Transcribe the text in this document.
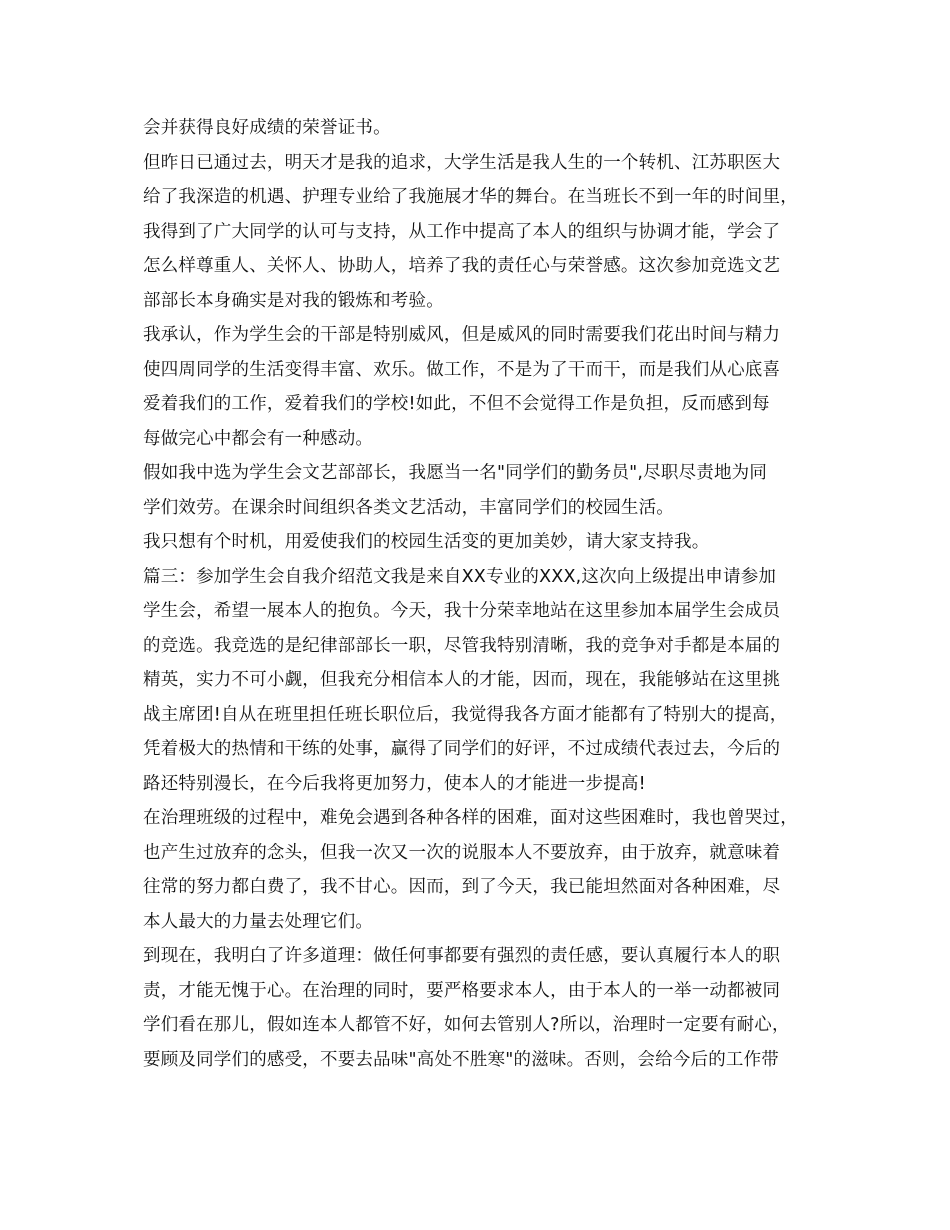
会并获得良好成绩的荣誉证书。
但昨日已通过去，明天才是我的追求，大学生活是我人生的一个转机、江苏职医大
给了我深造的机遇、护理专业给了我施展才华的舞台。在当班长不到一年的时间里，
我得到了广大同学的认可与支持，从工作中提高了本人的组织与协调才能，学会了
怎么样尊重人、关怀人、协助人，培养了我的责任心与荣誉感。这次参加竞选文艺
部部长本身确实是对我的锻炼和考验。
我承认，作为学生会的干部是特别威风，但是威风的同时需要我们花出时间与精力
使四周同学的生活变得丰富、欢乐。做工作，不是为了干而干，而是我们从心底喜
爱着我们的工作，爱着我们的学校!如此，不但不会觉得工作是负担，反而感到每
每做完心中都会有一种感动。
假如我中选为学生会文艺部部长，我愿当一名"同学们的勤务员",尽职尽责地为同
学们效劳。在课余时间组织各类文艺活动，丰富同学们的校园生活。
我只想有个时机，用爱使我们的校园生活变的更加美妙，请大家支持我。
篇三：参加学生会自我介绍范文我是来自XX专业的XXX,这次向上级提出申请参加
学生会，希望一展本人的抱负。今天，我十分荣幸地站在这里参加本届学生会成员
的竞选。我竞选的是纪律部部长一职，尽管我特别清晰，我的竞争对手都是本届的
精英，实力不可小觑，但我充分相信本人的才能，因而，现在，我能够站在这里挑
战主席团!自从在班里担任班长职位后，我觉得我各方面才能都有了特别大的提高，
凭着极大的热情和干练的处事，赢得了同学们的好评，不过成绩代表过去，今后的
路还特别漫长，在今后我将更加努力，使本人的才能进一步提高!
在治理班级的过程中，难免会遇到各种各样的困难，面对这些困难时，我也曾哭过，
也产生过放弃的念头，但我一次又一次的说服本人不要放弃，由于放弃，就意味着
往常的努力都白费了，我不甘心。因而，到了今天，我已能坦然面对各种困难，尽
本人最大的力量去处理它们。
到现在，我明白了许多道理：做任何事都要有强烈的责任感，要认真履行本人的职
责，才能无愧于心。在治理的同时，要严格要求本人，由于本人的一举一动都被同
学们看在那儿，假如连本人都管不好，如何去管别人?所以，治理时一定要有耐心，
要顾及同学们的感受，不要去品味"高处不胜寒"的滋味。否则，会给今后的工作带
